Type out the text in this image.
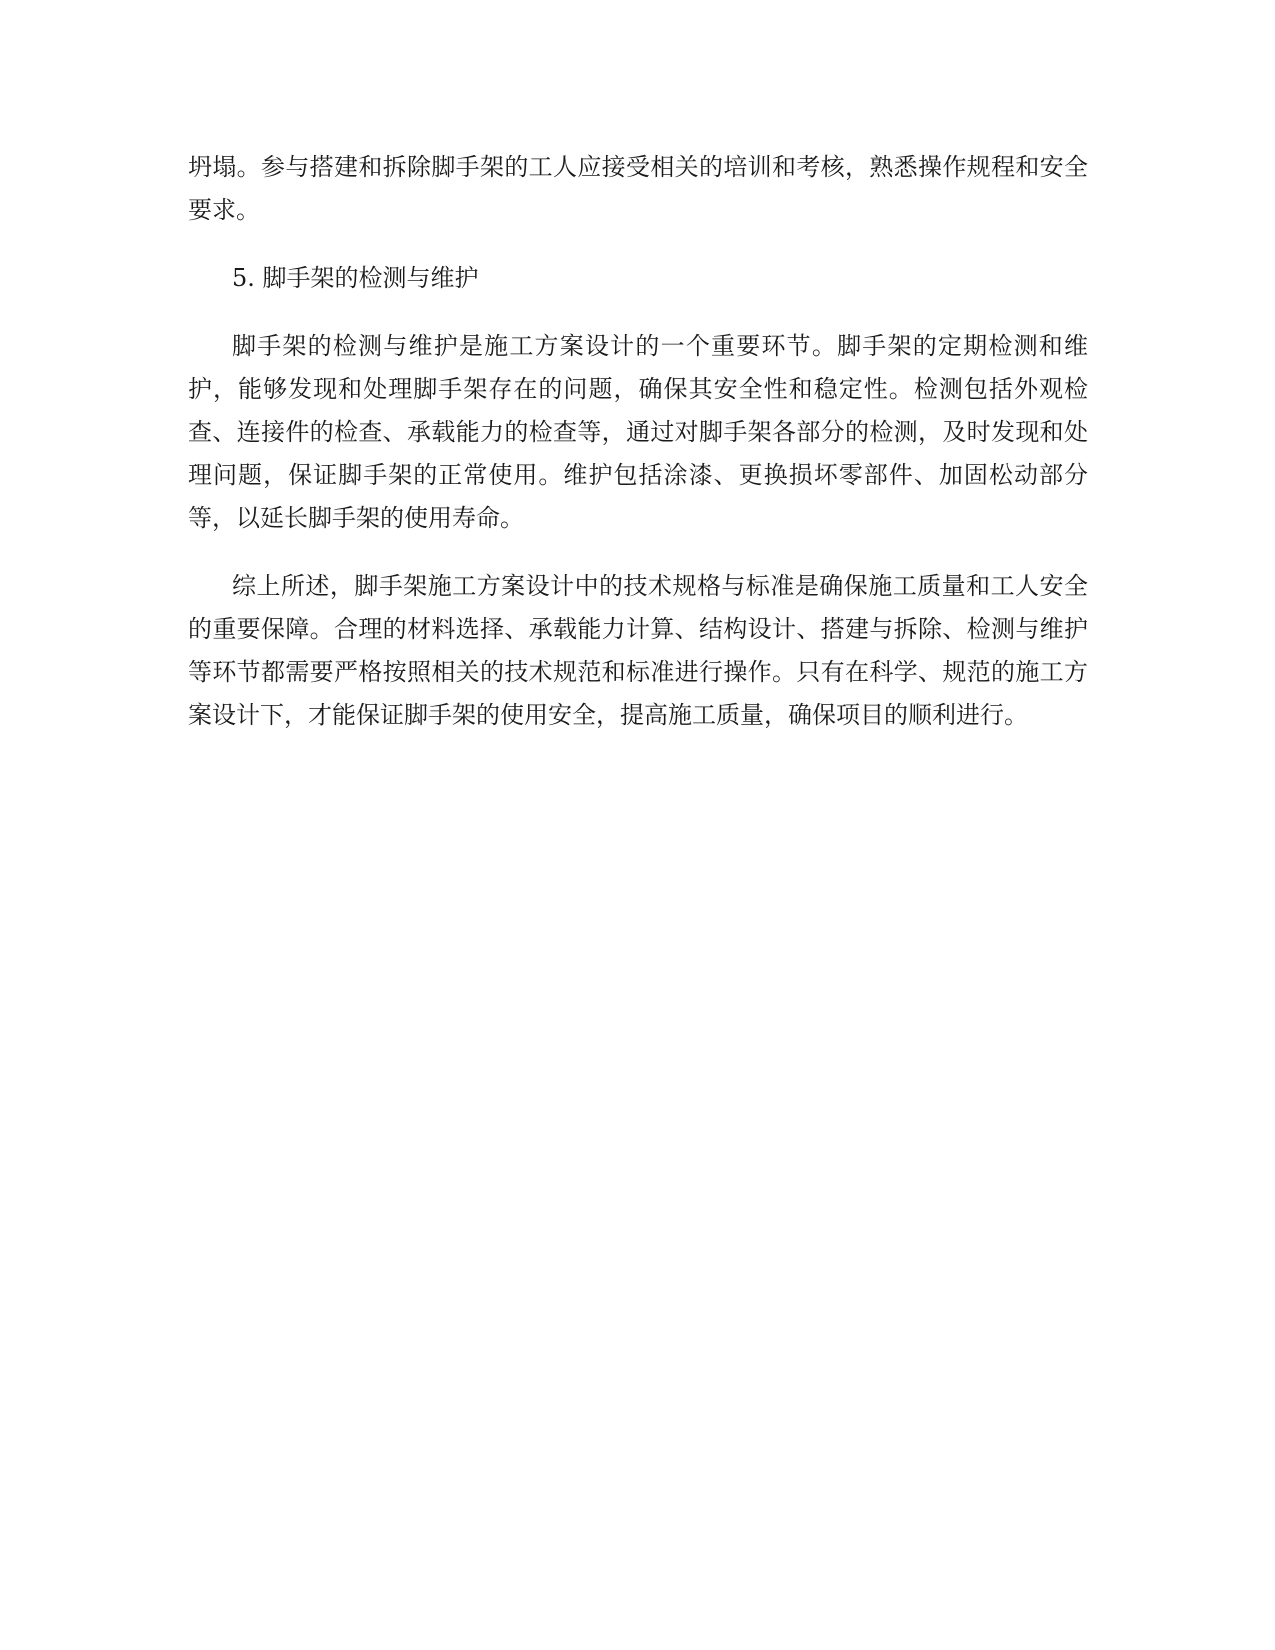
坍塌。参与搭建和拆除脚手架的工人应接受相关的培训和考核，熟悉操作规程和安全要求。

5. 脚手架的检测与维护

脚手架的检测与维护是施工方案设计的一个重要环节。脚手架的定期检测和维护，能够发现和处理脚手架存在的问题，确保其安全性和稳定性。检测包括外观检查、连接件的检查、承载能力的检查等，通过对脚手架各部分的检测，及时发现和处理问题，保证脚手架的正常使用。维护包括涂漆、更换损坏零部件、加固松动部分等，以延长脚手架的使用寿命。

综上所述，脚手架施工方案设计中的技术规格与标准是确保施工质量和工人安全的重要保障。合理的材料选择、承载能力计算、结构设计、搭建与拆除、检测与维护等环节都需要严格按照相关的技术规范和标准进行操作。只有在科学、规范的施工方案设计下，才能保证脚手架的使用安全，提高施工质量，确保项目的顺利进行。
